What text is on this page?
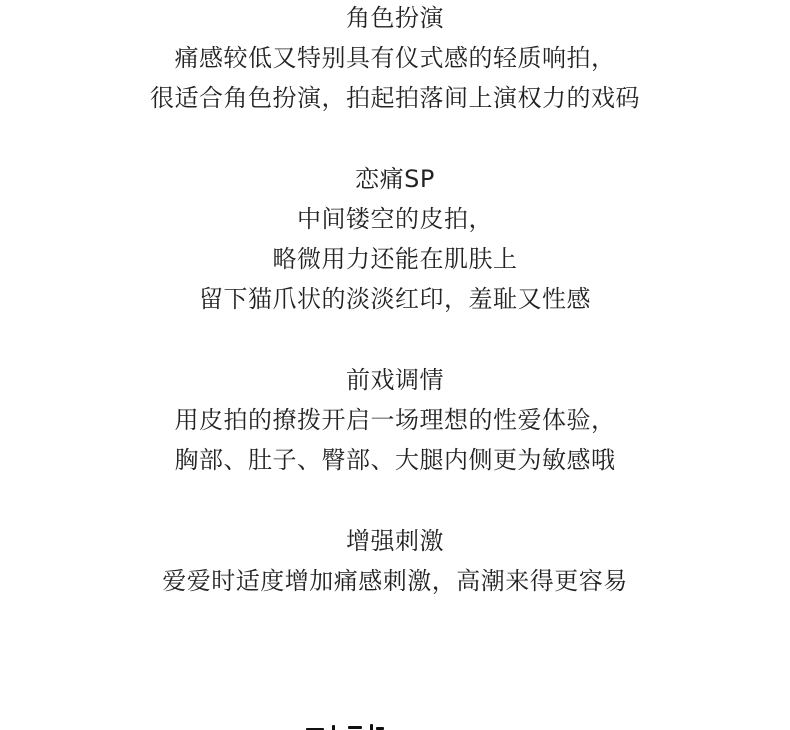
角色扮演
痛感较低又特别具有仪式感的轻质响拍，
很适合角色扮演，拍起拍落间上演权力的戏码
恋痛SP
中间镂空的皮拍，
略微用力还能在肌肤上
留下猫爪状的淡淡红印，羞耻又性感
前戏调情
用皮拍的撩拨开启一场理想的性爱体验，
胸部、肚子、臀部、大腿内侧更为敏感哦
增强刺激
爱爱时适度增加痛感刺激，高潮来得更容易
